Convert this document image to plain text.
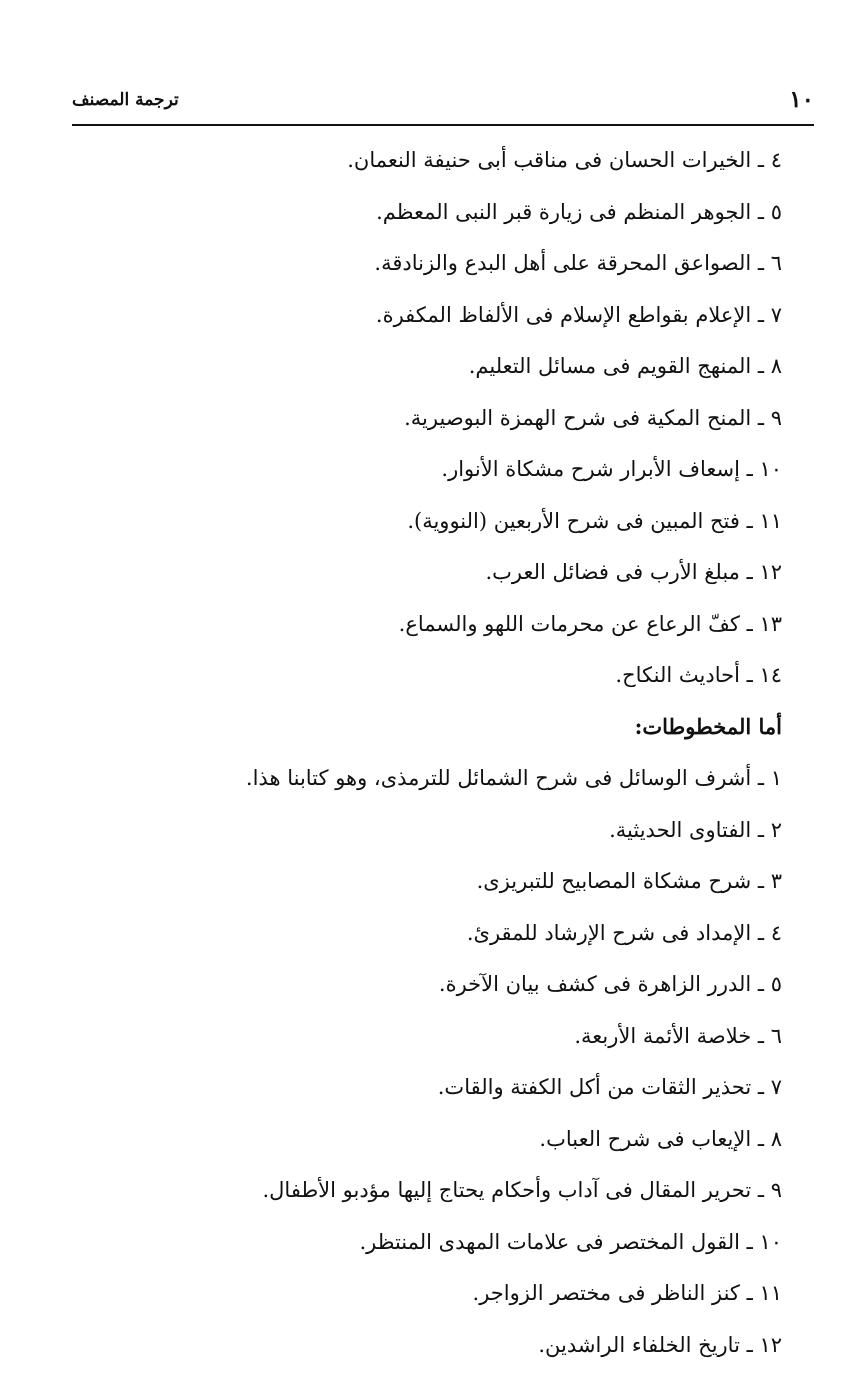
١٠
ترجمة المصنف
٤ ـ الخيرات الحسان فى مناقب أبى حنيفة النعمان.
٥ ـ الجوهر المنظم فى زيارة قبر النبى المعظم.
٦ ـ الصواعق المحرقة على أهل البدع والزنادقة.
٧ ـ الإعلام بقواطع الإسلام فى الألفاظ المكفرة.
٨ ـ المنهج القويم فى مسائل التعليم.
٩ ـ المنح المكية فى شرح الهمزة البوصيرية.
١٠ ـ إسعاف الأبرار شرح مشكاة الأنوار.
١١ ـ فتح المبين فى شرح الأربعين (النووية).
١٢ ـ مبلغ الأرب فى فضائل العرب.
١٣ ـ كفّ الرعاع عن محرمات اللهو والسماع.
١٤ ـ أحاديث النكاح.
أما المخطوطات:
١ ـ أشرف الوسائل فى شرح الشمائل للترمذى، وهو كتابنا هذا.
٢ ـ الفتاوى الحديثية.
٣ ـ شرح مشكاة المصابيح للتبريزى.
٤ ـ الإمداد فى شرح الإرشاد للمقرئ.
٥ ـ الدرر الزاهرة فى كشف بيان الآخرة.
٦ ـ خلاصة الأئمة الأربعة.
٧ ـ تحذير الثقات من أكل الكفتة والقات.
٨ ـ الإيعاب فى شرح العباب.
٩ ـ تحرير المقال فى آداب وأحكام يحتاج إليها مؤدبو الأطفال.
١٠ ـ القول المختصر فى علامات المهدى المنتظر.
١١ ـ كنز الناظر فى مختصر الزواجر.
١٢ ـ تاريخ الخلفاء الراشدين.
